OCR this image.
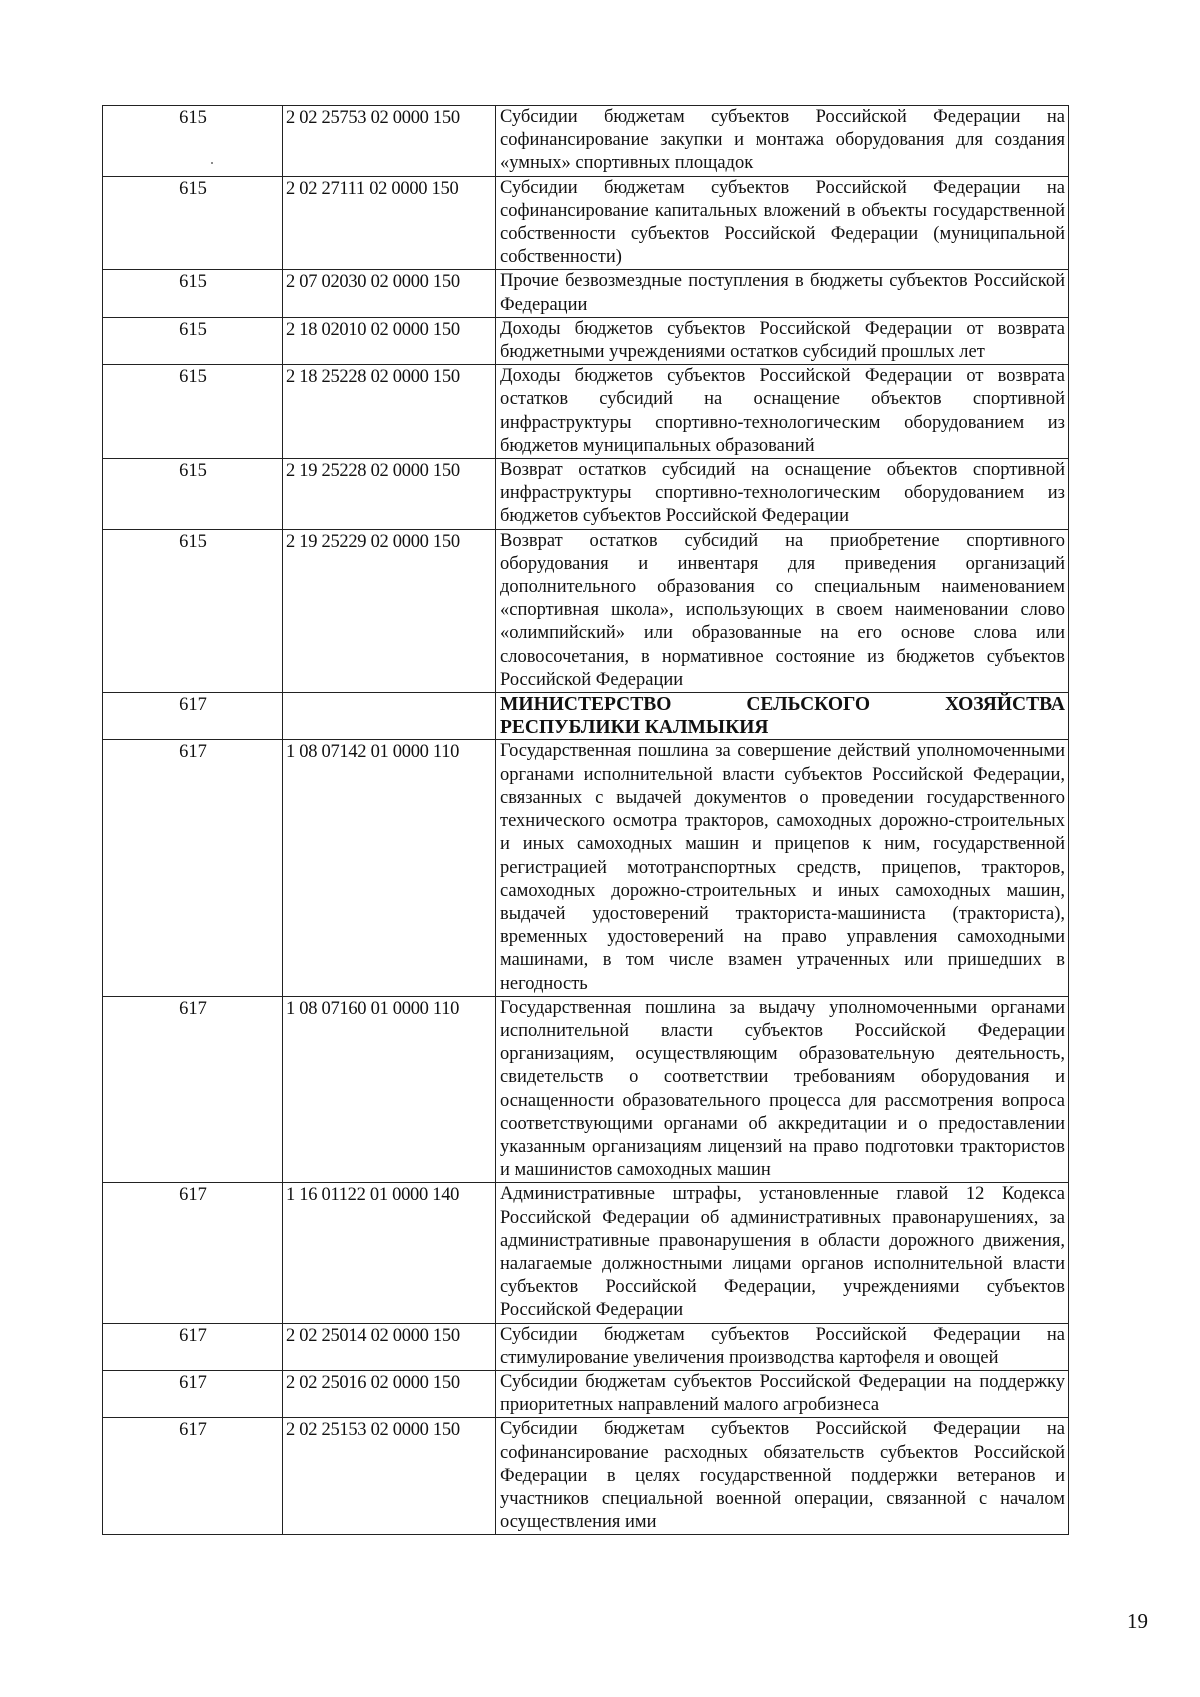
615	2 02 25753 02 0000 150	Субсидии бюджетам субъектов Российской Федерации на софинансирование закупки и монтажа оборудования для создания «умных» спортивных площадок
615	2 02 27111 02 0000 150	Субсидии бюджетам субъектов Российской Федерации на софинансирование капитальных вложений в объекты государственной собственности субъектов Российской Федерации (муниципальной собственности)
615	2 07 02030 02 0000 150	Прочие безвозмездные поступления в бюджеты субъектов Российской Федерации
615	2 18 02010 02 0000 150	Доходы бюджетов субъектов Российской Федерации от возврата бюджетными учреждениями остатков субсидий прошлых лет
615	2 18 25228 02 0000 150	Доходы бюджетов субъектов Российской Федерации от возврата остатков субсидий на оснащение объектов спортивной инфраструктуры спортивно-технологическим оборудованием из бюджетов муниципальных образований
615	2 19 25228 02 0000 150	Возврат остатков субсидий на оснащение объектов спортивной инфраструктуры спортивно-технологическим оборудованием из бюджетов субъектов Российской Федерации
615	2 19 25229 02 0000 150	Возврат остатков субсидий на приобретение спортивного оборудования и инвентаря для приведения организаций дополнительного образования со специальным наименованием «спортивная школа», использующих в своем наименовании слово «олимпийский» или образованные на его основе слова или словосочетания, в нормативное состояние из бюджетов субъектов Российской Федерации
617		МИНИСТЕРСТВО СЕЛЬСКОГО ХОЗЯЙСТВА РЕСПУБЛИКИ КАЛМЫКИЯ
617	1 08 07142 01 0000 110	Государственная пошлина за совершение действий уполномоченными органами исполнительной власти субъектов Российской Федерации, связанных с выдачей документов о проведении государственного технического осмотра тракторов, самоходных дорожно-строительных и иных самоходных машин и прицепов к ним, государственной регистрацией мототранспортных средств, прицепов, тракторов, самоходных дорожно-строительных и иных самоходных машин, выдачей удостоверений тракториста-машиниста (тракториста), временных удостоверений на право управления самоходными машинами, в том числе взамен утраченных или пришедших в негодность
617	1 08 07160 01 0000 110	Государственная пошлина за выдачу уполномоченными органами исполнительной власти субъектов Российской Федерации организациям, осуществляющим образовательную деятельность, свидетельств о соответствии требованиям оборудования и оснащенности образовательного процесса для рассмотрения вопроса соответствующими органами об аккредитации и о предоставлении указанным организациям лицензий на право подготовки трактористов и машинистов самоходных машин
617	1 16 01122 01 0000 140	Административные штрафы, установленные главой 12 Кодекса Российской Федерации об административных правонарушениях, за административные правонарушения в области дорожного движения, налагаемые должностными лицами органов исполнительной власти субъектов Российской Федерации, учреждениями субъектов Российской Федерации
617	2 02 25014 02 0000 150	Субсидии бюджетам субъектов Российской Федерации на стимулирование увеличения производства картофеля и овощей
617	2 02 25016 02 0000 150	Субсидии бюджетам субъектов Российской Федерации на поддержку приоритетных направлений малого агробизнеса
617	2 02 25153 02 0000 150	Субсидии бюджетам субъектов Российской Федерации на софинансирование расходных обязательств субъектов Российской Федерации в целях государственной поддержки ветеранов и участников специальной военной операции, связанной с началом осуществления ими
19
